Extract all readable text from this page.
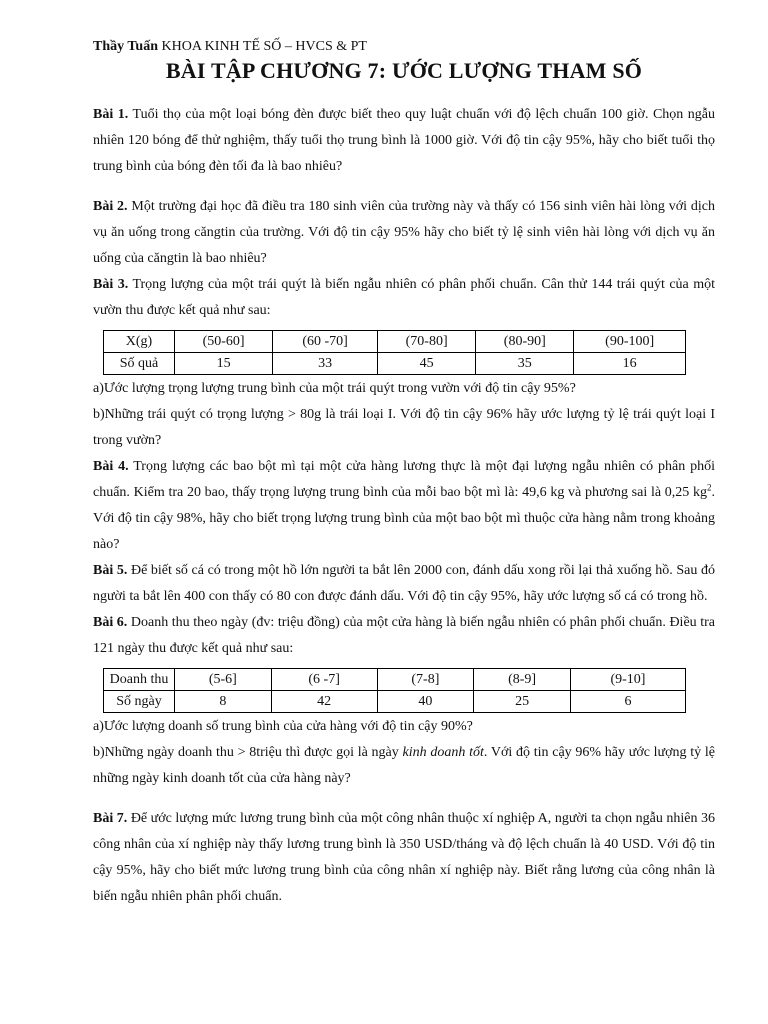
Thầy Tuấn KHOA KINH TẾ SỐ – HVCS & PT

BÀI TẬP CHƯƠNG 7: ƯỚC LƯỢNG THAM SỐ

Bài 1. Tuổi thọ của một loại bóng đèn được biết theo quy luật chuẩn với độ lệch chuẩn 100 giờ. Chọn ngẫu nhiên 120 bóng để thử nghiệm, thấy tuổi thọ trung bình là 1000 giờ. Với độ tin cậy 95%, hãy cho biết tuổi thọ trung bình của bóng đèn tối đa là bao nhiêu?

Bài 2. Một trường đại học đã điều tra 180 sinh viên của trường này và thấy có 156 sinh viên hài lòng với dịch vụ ăn uống trong căngtin của trường. Với độ tin cậy 95% hãy cho biết tỷ lệ sinh viên hài lòng với dịch vụ ăn uống của căngtin là bao nhiêu?

Bài 3. Trọng lượng của một trái quýt là biến ngẫu nhiên có phân phối chuẩn. Cân thử 144 trái quýt của một vườn thu được kết quả như sau:

X(g)	(50-60]	(60 -70]	(70-80]	(80-90]	(90-100]
Số quả	15	33	45	35	16

a)Ước lượng trọng lượng trung bình của một trái quýt trong vườn với độ tin cậy 95%?

b)Những trái quýt có trọng lượng > 80g là trái loại I. Với độ tin cậy 96% hãy ước lượng tỷ lệ trái quýt loại I trong vườn?

Bài 4. Trọng lượng các bao bột mì tại một cửa hàng lương thực là một đại lượng ngẫu nhiên có phân phối chuẩn. Kiểm tra 20 bao, thấy trọng lượng trung bình của mỗi bao bột mì là: 49,6 kg và phương sai là 0,25 $kg^2$. Với độ tin cậy 98%, hãy cho biết trọng lượng trung bình của một bao bột mì thuộc cửa hàng nằm trong khoảng nào?

Bài 5. Để biết số cá có trong một hồ lớn người ta bắt lên 2000 con, đánh dấu xong rồi lại thả xuống hồ. Sau đó người ta bắt lên 400 con thấy có 80 con được đánh dấu. Với độ tin cậy 95%, hãy ước lượng số cá có trong hồ.

Bài 6. Doanh thu theo ngày (đv: triệu đồng) của một cửa hàng là biến ngẫu nhiên có phân phối chuẩn. Điều tra 121 ngày thu được kết quả như sau:

Doanh thu	(5-6]	(6 -7]	(7-8]	(8-9]	(9-10]
Số ngày	8	42	40	25	6

a)Ước lượng doanh số trung bình của cửa hàng với độ tin cậy 90%?

b)Những ngày doanh thu > 8triệu thì được gọi là ngày kinh doanh tốt. Với độ tin cậy 96% hãy ước lượng tỷ lệ những ngày kinh doanh tốt của cửa hàng này?

Bài 7. Để ước lượng mức lương trung bình của một công nhân thuộc xí nghiệp A, người ta chọn ngẫu nhiên 36 công nhân của xí nghiệp này thấy lương trung bình là 350 USD/tháng và độ lệch chuẩn là 40 USD. Với độ tin cậy 95%, hãy cho biết mức lương trung bình của công nhân xí nghiệp này. Biết rằng lương của công nhân là biến ngẫu nhiên phân phối chuẩn.
